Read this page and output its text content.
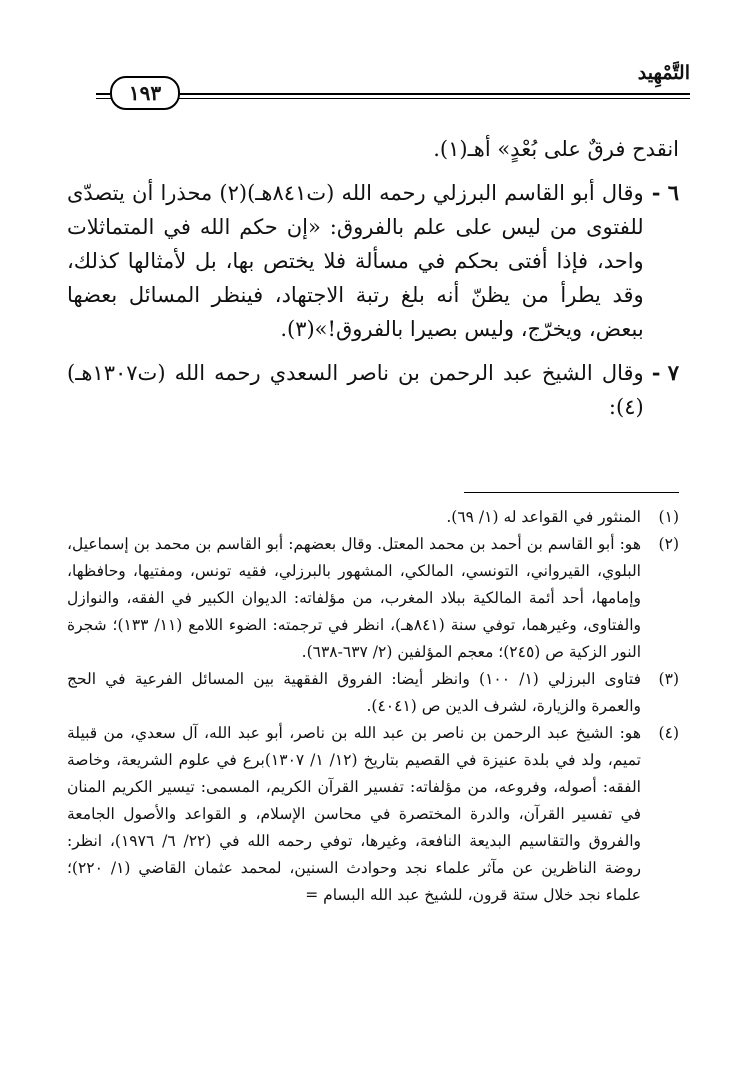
التَّمْهِيد
١٩٣

انقدح فرقٌ على بُعْدٍ» أهـ(١).

٦ -
وقال أبو القاسم البرزلي رحمه الله (ت٨٤١هـ)(٢) محذرا أن يتصدّى للفتوى من ليس على علم بالفروق: «إن حكم الله في المتماثلات واحد، فإذا أفتى بحكم في مسألة فلا يختص بها، بل لأمثالها كذلك، وقد يطرأ من يظنّ أنه بلغ رتبة الاجتهاد، فينظر المسائل بعضها ببعض، ويخرّج، وليس بصيرا بالفروق!»(٣).

٧ -
وقال الشيخ عبد الرحمن بن ناصر السعدي رحمه الله (ت١٣٠٧هـ)(٤):

(١)
المنثور في القواعد له (١/ ٦٩).

(٢)
هو: أبو القاسم بن أحمد بن محمد المعتل. وقال بعضهم: أبو القاسم بن محمد بن إسماعيل، البلوي، القيرواني، التونسي، المالكي، المشهور بالبرزلي، فقيه تونس، ومفتيها، وحافظها، وإمامها، أحد أئمة المالكية ببلاد المغرب، من مؤلفاته: الديوان الكبير في الفقه، والنوازل والفتاوى، وغيرهما، توفي سنة (٨٤١هـ)، انظر في ترجمته: الضوء اللامع (١١/ ١٣٣)؛ شجرة النور الزكية ص (٢٤٥)؛ معجم المؤلفين (٢/ ٦٣٧-٦٣٨).

(٣)
فتاوى البرزلي (١/ ١٠٠) وانظر أيضا: الفروق الفقهية بين المسائل الفرعية في الحج والعمرة والزيارة، لشرف الدين ص (٤٠٤١).

(٤)
هو: الشيخ عبد الرحمن بن ناصر بن عبد الله بن ناصر، أبو عبد الله، آل سعدي، من قبيلة تميم، ولد في بلدة عنيزة في القصيم بتاريخ (١٢/ ١/ ١٣٠٧)برع في علوم الشريعة، وخاصة الفقه: أصوله، وفروعه، من مؤلفاته: تفسير القرآن الكريم، المسمى: تيسير الكريم المنان في تفسير القرآن، والدرة المختصرة في محاسن الإسلام، و القواعد والأصول الجامعة والفروق والتقاسيم البديعة النافعة، وغيرها، توفي رحمه الله في (٢٢/ ٦/ ١٩٧٦)، انظر: روضة الناظرين عن مآثر علماء نجد وحوادث السنين، لمحمد عثمان القاضي (١/ ٢٢٠)؛ علماء نجد خلال ستة قرون، للشيخ عبد الله البسام =
